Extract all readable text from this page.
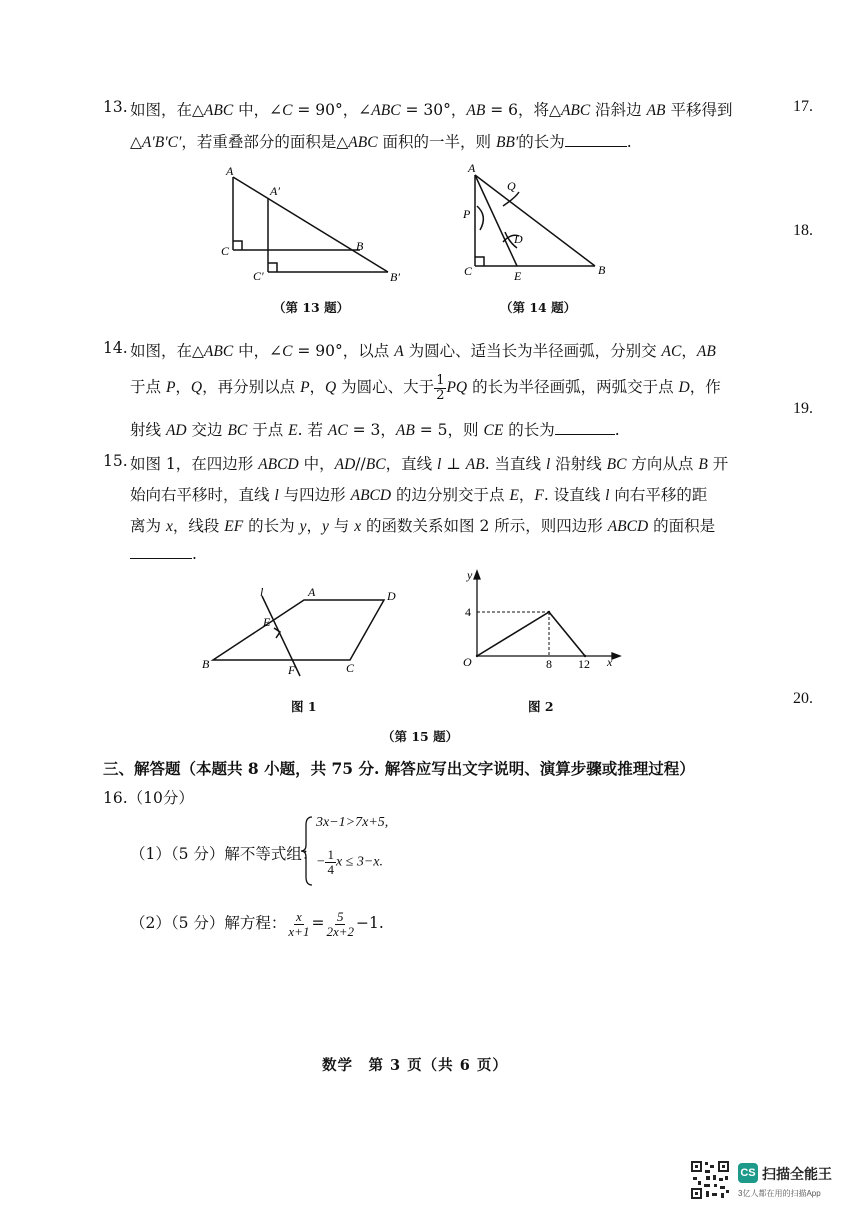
17.
18.
19.
20.
13. 如图，在△ABC 中，∠C = 90°，∠ABC = 30°，AB = 6，将△ABC 沿斜边 AB 平移得到
△A′B′C′，若重叠部分的面积是△ABC 面积的一半，则 BB′的长为	.
A
A′
B
B′
C
C′
（第 13 题）
A
Q
P
D
C	E	B
（第 14 题）
14. 如图，在△ABC 中，∠C = 90°，以点 A 为圆心、适当长为半径画弧，分别交 AC，AB
于点 P，Q，再分别以点 P，Q 为圆心、大于 $\frac{1}{2}$ PQ 的长为半径画弧，两弧交于点 D，作
射线 AD 交边 BC 于点 E. 若 AC = 3，AB = 5，则 CE 的长为	.
15. 如图 1，在四边形 ABCD 中，AD//BC，直线 l ⊥ AB. 当直线 l 沿射线 BC 方向从点 B 开
始向右平移时，直线 l 与四边形 ABCD 的边分别交于点 E，F. 设直线 l 向右平移的距
离为 x，线段 EF 的长为 y，y 与 x 的函数关系如图 2 所示，则四边形 ABCD 的面积是
.
l	A	D
E
B	F	C
图 1
y
x
O
4
8 12
图 2
（第 15 题）
三、解答题（本题共 8 小题，共 75 分. 解答应写出文字说明、演算步骤或推理过程）
16.（10分）
（1）（5 分）解不等式组：
3x−1>7x+5,
− $\frac{1}{4}$ x ≤ 3−x.
（2）（5 分）解方程： $\frac{x}{x+1} = \frac{5}{2x+2} -1$.
数学　第 3 页（共 6 页）
CS 扫描全能王
3亿人都在用的扫描App
